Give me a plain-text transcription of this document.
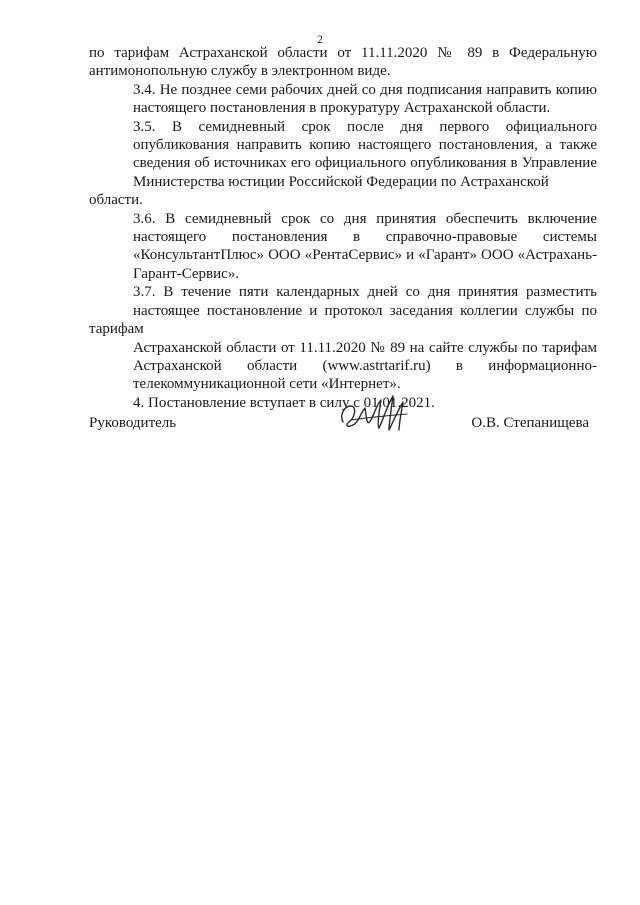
2
по тарифам Астраханской области от 11.11.2020 № 89 в Федеральную
антимонопольную службу в электронном виде.
3.4. Не позднее семи рабочих дней со дня подписания направить копию
настоящего постановления в прокуратуру Астраханской области.
3.5. В семидневный срок после дня первого официального
опубликования направить копию настоящего постановления, а также
сведения об источниках его официального опубликования в Управление
Министерства юстиции Российской Федерации по Астраханской области.
3.6. В семидневный срок со дня принятия обеспечить включение
настоящего постановления в справочно-правовые системы
«КонсультантПлюс» ООО «РентаСервис» и «Гарант» ООО «Астрахань-
Гарант-Сервис».
3.7. В течение пяти календарных дней со дня принятия разместить
настоящее постановление и протокол заседания коллегии службы по тарифам
Астраханской области от 11.11.2020 № 89 на сайте службы по тарифам
Астраханской области (www.astrtarif.ru) в информационно-
телекоммуникационной сети «Интернет».
4. Постановление вступает в силу с 01.01.2021.
Руководитель	О.В. Степанищева
